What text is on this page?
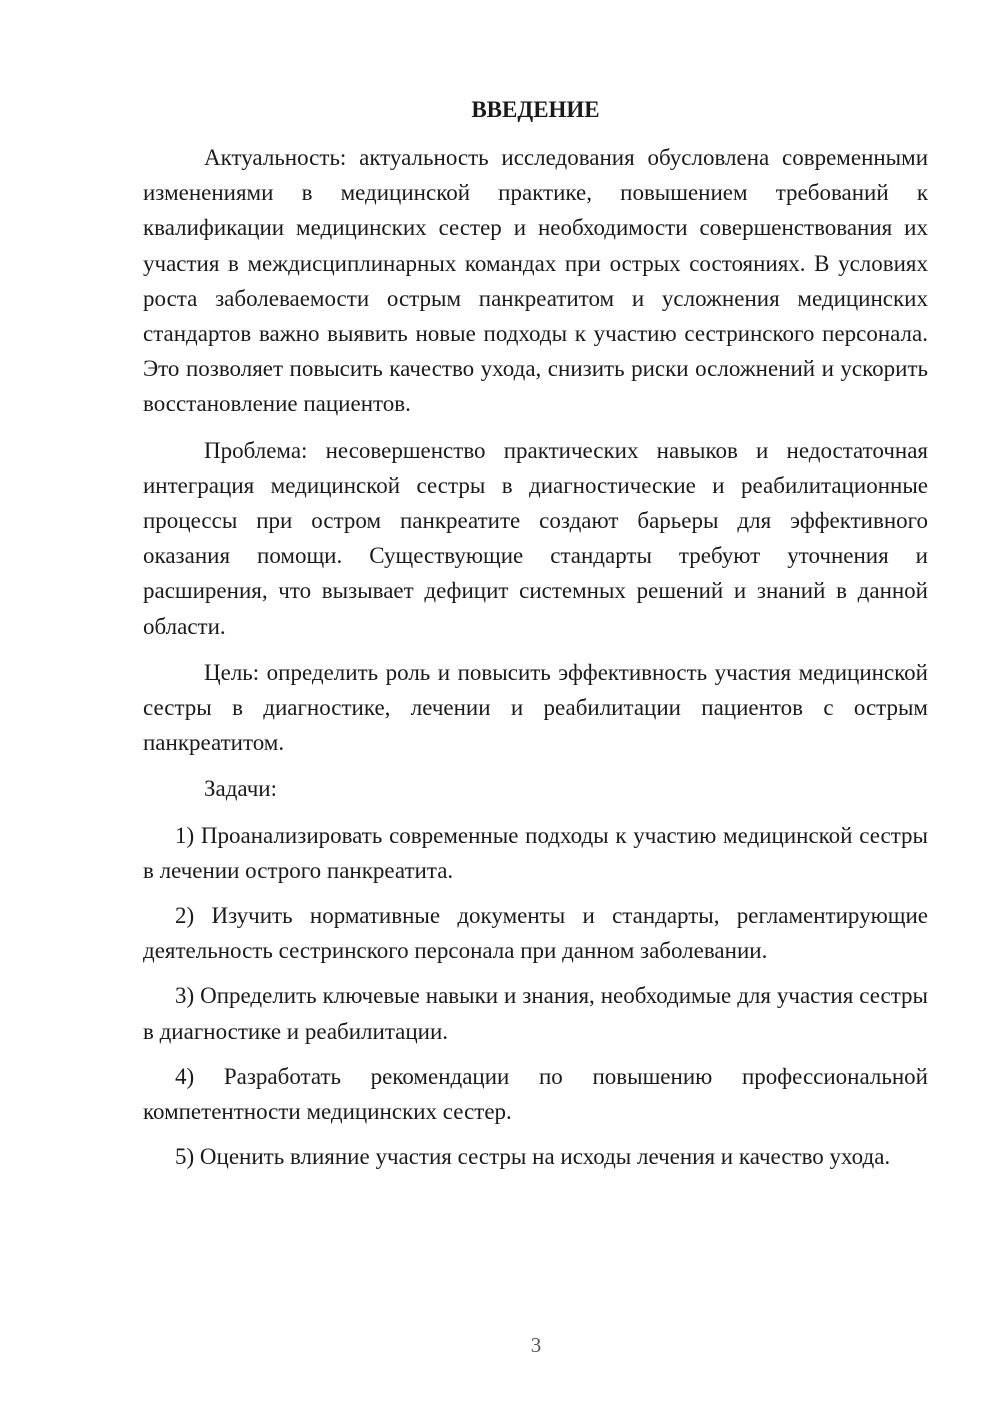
ВВЕДЕНИЕ

Актуальность: актуальность исследования обусловлена современными изменениями в медицинской практике, повышением требований к квалификации медицинских сестер и необходимости совершенствования их участия в междисциплинарных командах при острых состояниях. В условиях роста заболеваемости острым панкреатитом и усложнения медицинских стандартов важно выявить новые подходы к участию сестринского персонала. Это позволяет повысить качество ухода, снизить риски осложнений и ускорить восстановление пациентов.

Проблема: несовершенство практических навыков и недостаточная интеграция медицинской сестры в диагностические и реабилитационные процессы при остром панкреатите создают барьеры для эффективного оказания помощи. Существующие стандарты требуют уточнения и расширения, что вызывает дефицит системных решений и знаний в данной области.

Цель: определить роль и повысить эффективность участия медицинской сестры в диагностике, лечении и реабилитации пациентов с острым панкреатитом.

Задачи:

1) Проанализировать современные подходы к участию медицинской сестры в лечении острого панкреатита.

2) Изучить нормативные документы и стандарты, регламентирующие деятельность сестринского персонала при данном заболевании.

3) Определить ключевые навыки и знания, необходимые для участия сестры в диагностике и реабилитации.

4) Разработать рекомендации по повышению профессиональной компетентности медицинских сестер.

5) Оценить влияние участия сестры на исходы лечения и качество ухода.

3
